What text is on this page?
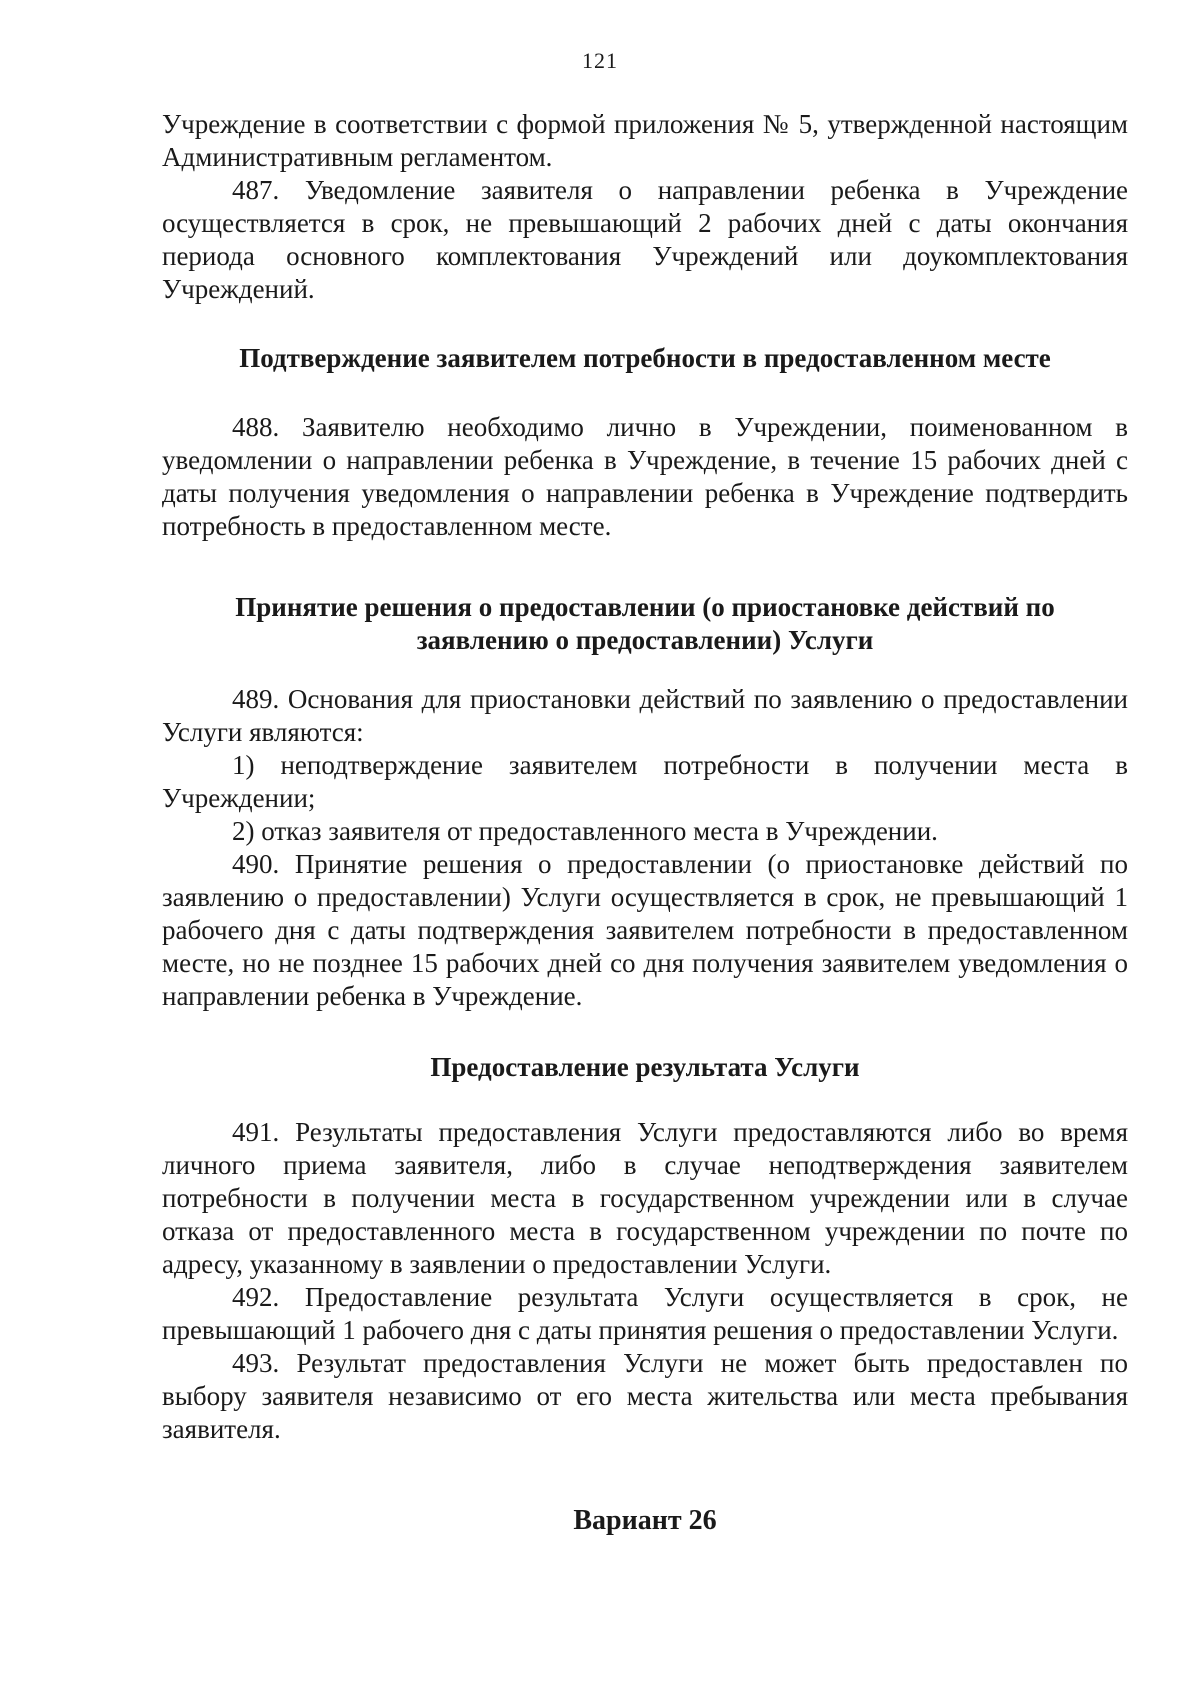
121

Учреждение в соответствии с формой приложения № 5, утвержденной настоящим Административным регламентом.

487. Уведомление заявителя о направлении ребенка в Учреждение осуществляется в срок, не превышающий 2 рабочих дней с даты окончания периода основного комплектования Учреждений или доукомплектования Учреждений.

Подтверждение заявителем потребности в предоставленном месте

488. Заявителю необходимо лично в Учреждении, поименованном в уведомлении о направлении ребенка в Учреждение, в течение 15 рабочих дней с даты получения уведомления о направлении ребенка в Учреждение подтвердить потребность в предоставленном месте.

Принятие решения о предоставлении (о приостановке действий по заявлению о предоставлении) Услуги

489. Основания для приостановки действий по заявлению о предоставлении Услуги являются:

1) неподтверждение заявителем потребности в получении места в Учреждении;

2) отказ заявителя от предоставленного места в Учреждении.

490. Принятие решения о предоставлении (о приостановке действий по заявлению о предоставлении) Услуги осуществляется в срок, не превышающий 1 рабочего дня с даты подтверждения заявителем потребности в предоставленном месте, но не позднее 15 рабочих дней со дня получения заявителем уведомления о направлении ребенка в Учреждение.

Предоставление результата Услуги

491. Результаты предоставления Услуги предоставляются либо во время личного приема заявителя, либо в случае неподтверждения заявителем потребности в получении места в государственном учреждении или в случае отказа от предоставленного места в государственном учреждении по почте по адресу, указанному в заявлении о предоставлении Услуги.

492. Предоставление результата Услуги осуществляется в срок, не превышающий 1 рабочего дня с даты принятия решения о предоставлении Услуги.

493. Результат предоставления Услуги не может быть предоставлен по выбору заявителя независимо от его места жительства или места пребывания заявителя.

Вариант 26
